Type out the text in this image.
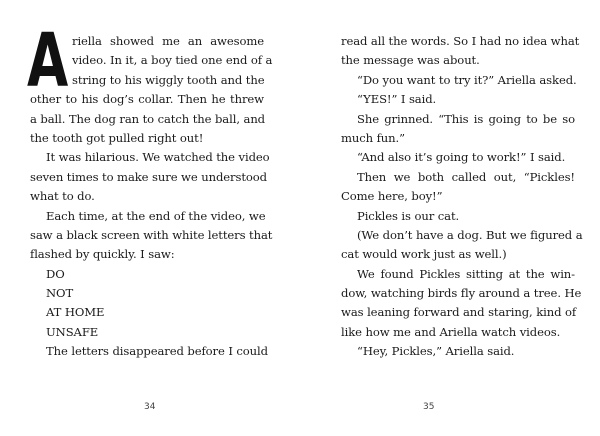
A riella showed me an awesome
video. In it, a boy tied one end of a
string to his wiggly tooth and the
other to his dog’s collar. Then he threw
a ball. The dog ran to catch the ball, and
the tooth got pulled right out!
It was hilarious. We watched the video
seven times to make sure we understood
what to do.
Each time, at the end of the video, we
saw a black screen with white letters that
flashed by quickly. I saw:
DO
NOT
AT HOME
UNSAFE
The letters disappeared before I could
34
read all the words. So I had no idea what
the message was about.
“Do you want to try it?” Ariella asked.
“YES!” I said.
She grinned. “This is going to be so
much fun.”
“And also it’s going to work!” I said.
Then we both called out, “Pickles!
Come here, boy!”
Pickles is our cat.
(We don’t have a dog. But we figured a
cat would work just as well.)
We found Pickles sitting at the win-
dow, watching birds fly around a tree. He
was leaning forward and staring, kind of
like how me and Ariella watch videos.
“Hey, Pickles,” Ariella said.
35
